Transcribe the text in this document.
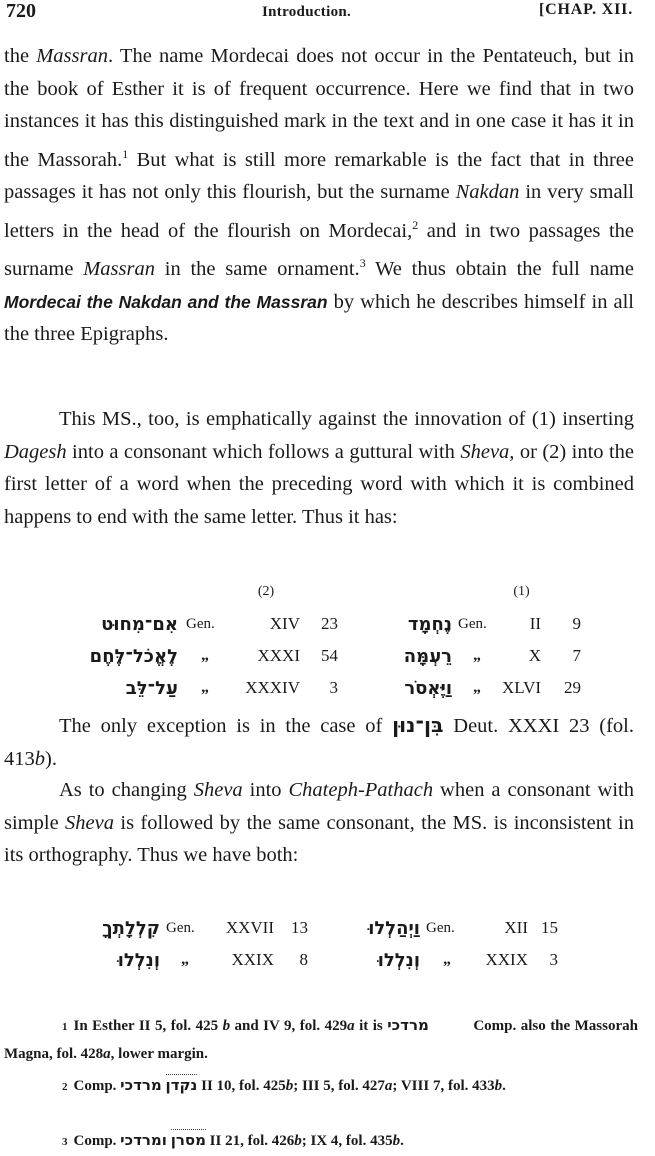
720	Introduction.	[CHAP. XII.
the Massran. The name Mordecai does not occur in the Pentateuch, but in the book of Esther it is of frequent occurrence. Here we find that in two instances it has this distinguished mark in the text and in one case it has it in the Massorah.$^1$ But what is still more remarkable is the fact that in three passages it has not only this flourish, but the surname Nakdan in very small letters in the head of the flourish on Mordecai,$^2$ and in two passages the surname Massran in the same ornament.$^3$ We thus obtain the full name Mordecai the Nakdan and the Massran by which he describes himself in all the three Epigraphs.
This MS., too, is emphatically against the innovation of (1) inserting Dagesh into a consonant which follows a guttural with Sheva, or (2) into the first letter of a word when the preceding word with which it is combined happens to end with the same letter. Thus it has:
		(2)				(1)		
אִם־מִחוּט	Gen.	XIV	23	נֶחְמָד	Gen.	II	9	
לֶאֱכֹל־לֶּחֶם	„	XXXI	54	רֵעְמָּה	„	X	7	
עַל־לֵּב	„	XXXIV	3	וַיֶּאְסֹר	„	XLVI	29	
The only exception is in the case of בִּן־נוּן Deut. XXXI 23 (fol. 413b).
As to changing Sheva into Chateph-Pathach when a consonant with simple Sheva is followed by the same consonant, the MS. is inconsistent in its orthography. Thus we have both:
קִלְלָתְךָ	Gen.	XXVII	13	וַיְהַלְלוּ	Gen.	XII	15
וְנִלְלוּ	„	XXIX	8	וְנִלְלוּ	„	XXIX	3
1 In Esther II 5, fol. 425 b and IV 9, fol. 429a it is מרדכי	Comp. also the Massorah Magna, fol. 428a, lower margin.
2 Comp. מרדכי נקדן II 10, fol. 425b; III 5, fol. 427a; VIII 7, fol. 433b.
3 Comp. ומרדכי מסרן II 21, fol. 426b; IX 4, fol. 435b.
